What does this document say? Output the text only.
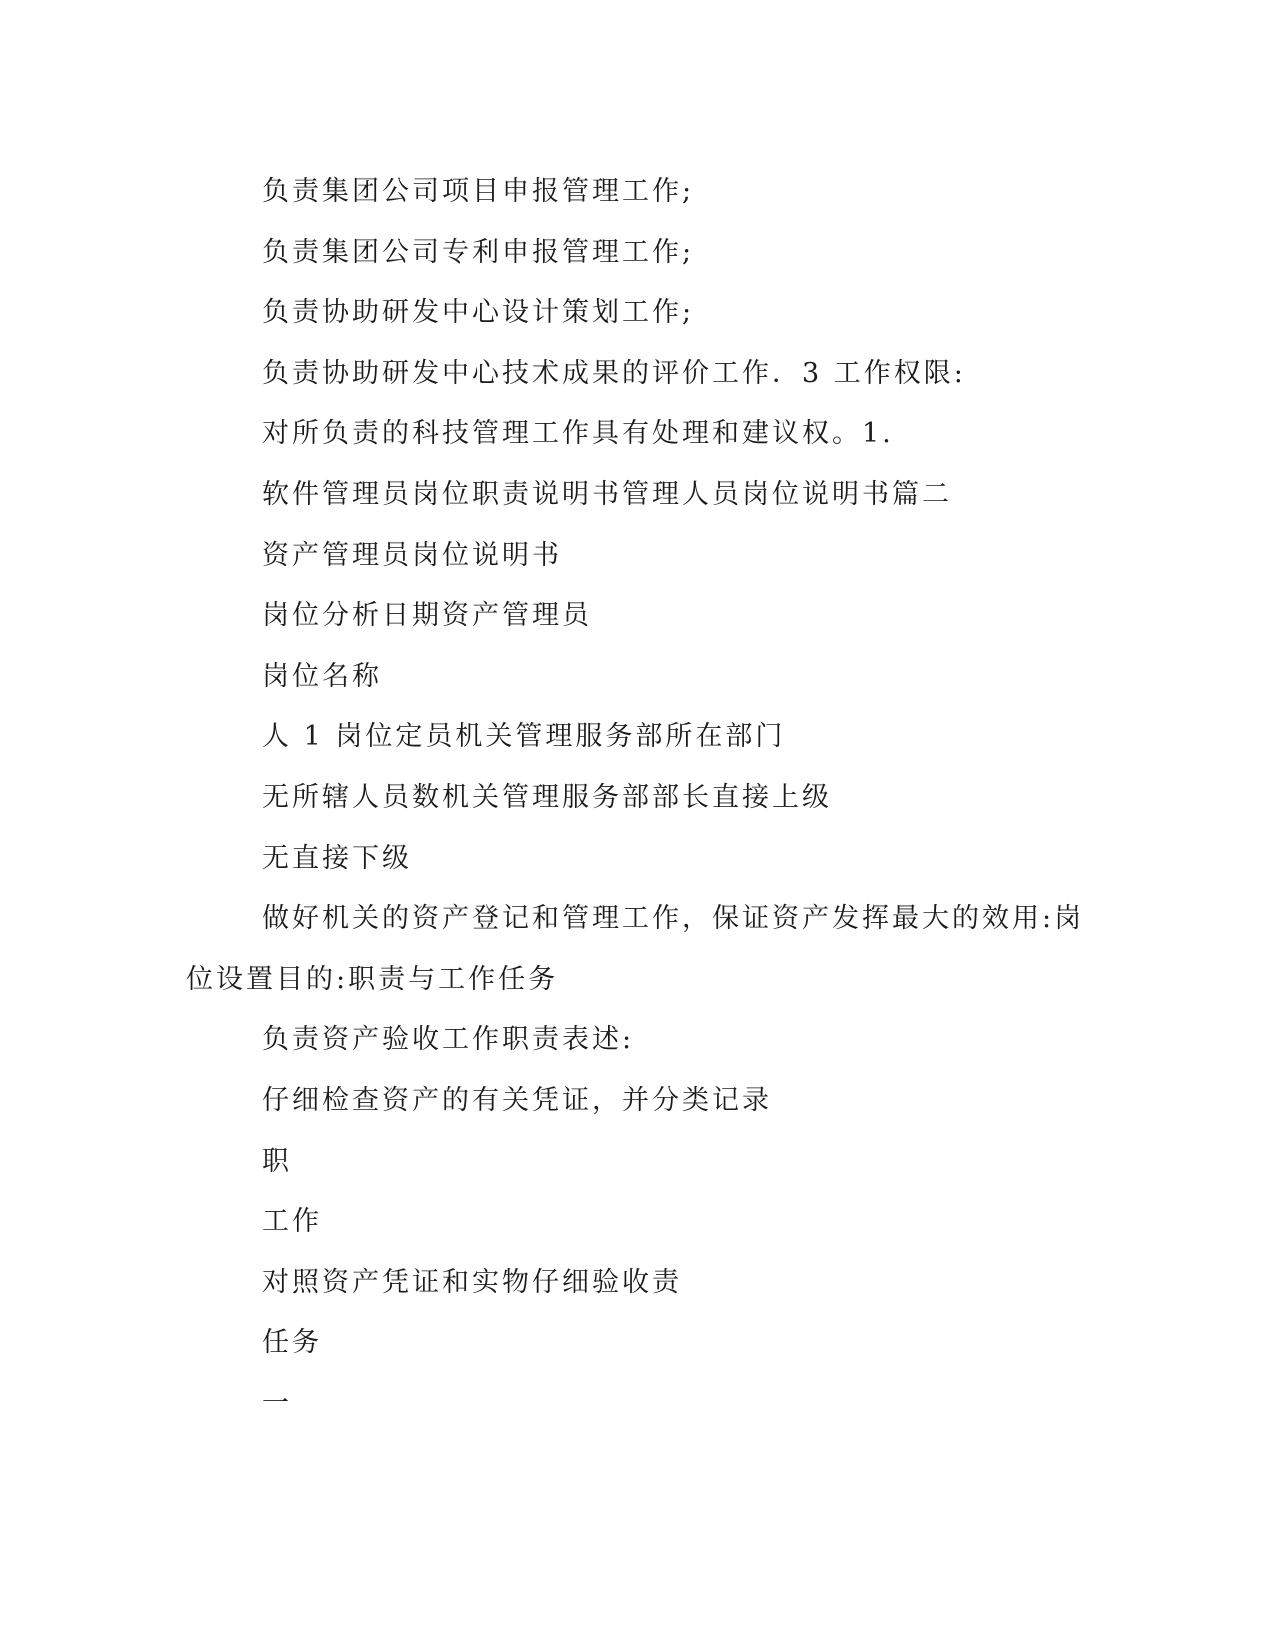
负责集团公司项目申报管理工作;

负责集团公司专利申报管理工作;

负责协助研发中心设计策划工作;

负责协助研发中心技术成果的评价工作．3 工作权限:

对所负责的科技管理工作具有处理和建议权。1.

软件管理员岗位职责说明书管理人员岗位说明书篇二

资产管理员岗位说明书

岗位分析日期资产管理员

岗位名称

人 1 岗位定员机关管理服务部所在部门

无所辖人员数机关管理服务部部长直接上级

无直接下级

做好机关的资产登记和管理工作，保证资产发挥最大的效用:岗位设置目的:职责与工作任务

负责资产验收工作职责表述:

仔细检查资产的有关凭证，并分类记录

职

工作

对照资产凭证和实物仔细验收责

任务

一
